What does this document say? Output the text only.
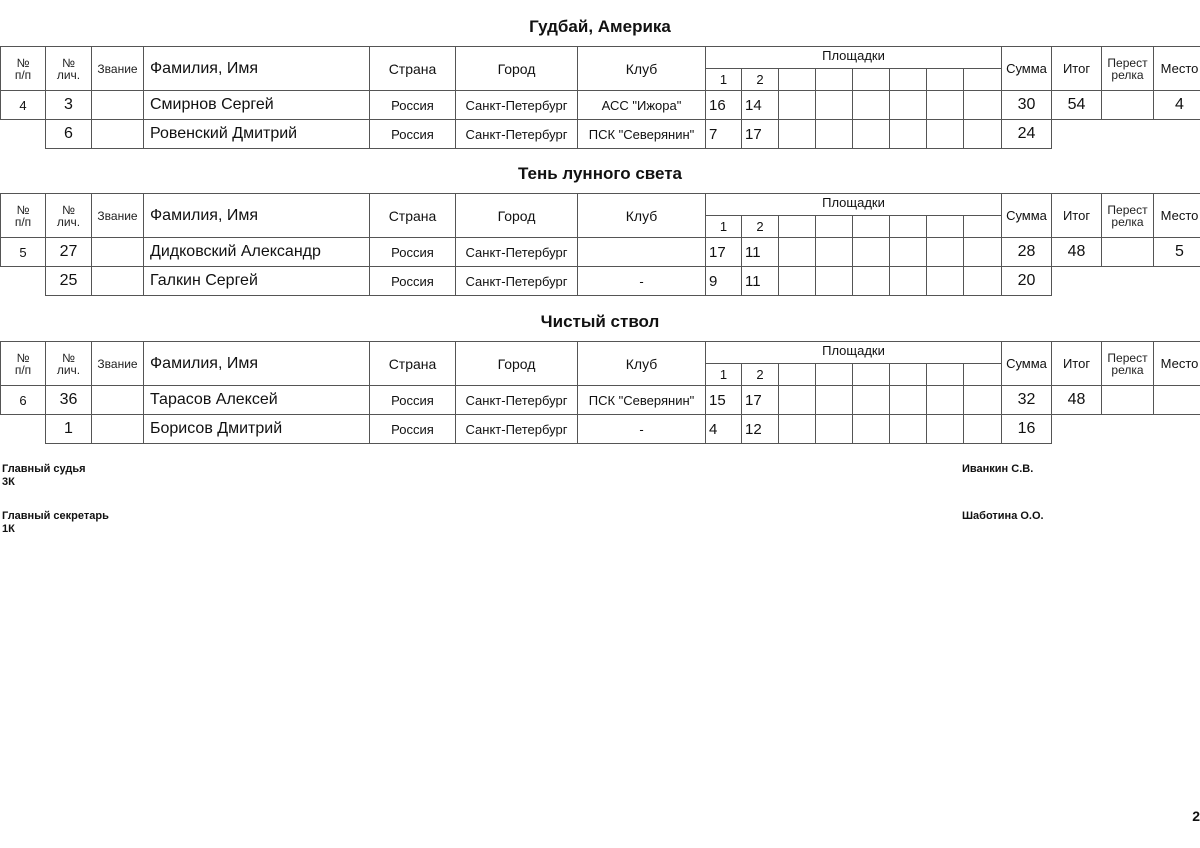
Гудбай, Америка
№
п/п	№
лич.	Звание	Фамилия, Имя	Страна	Город	Клуб	Площадки								Сумма	Итог	Перест
релка	Место
							1	2										
4	3		Смирнов Сергей	Россия	Санкт-Петербург	АСС "Ижора"	16	14							30	54		4
	6		Ровенский Дмитрий	Россия	Санкт-Петербург	ПСК "Северянин"	7	17							24			
Тень лунного света
№
п/п	№
лич.	Звание	Фамилия, Имя	Страна	Город	Клуб	Площадки								Сумма	Итог	Перест
релка	Место
							1	2										
5	27		Дидковский Александр	Россия	Санкт-Петербург		17	11							28	48		5
	25		Галкин Сергей	Россия	Санкт-Петербург	-	9	11							20			
Чистый ствол
№
п/п	№
лич.	Звание	Фамилия, Имя	Страна	Город	Клуб	Площадки								Сумма	Итог	Перест
релка	Место
							1	2										
6	36		Тарасов Алексей	Россия	Санкт-Петербург	ПСК "Северянин"	15	17							32	48		
	1		Борисов Дмитрий	Россия	Санкт-Петербург	-	4	12							16			
Главный судья
3К
Иванкин С.В.
Главный секретарь
1К
Шаботина О.О.
2
